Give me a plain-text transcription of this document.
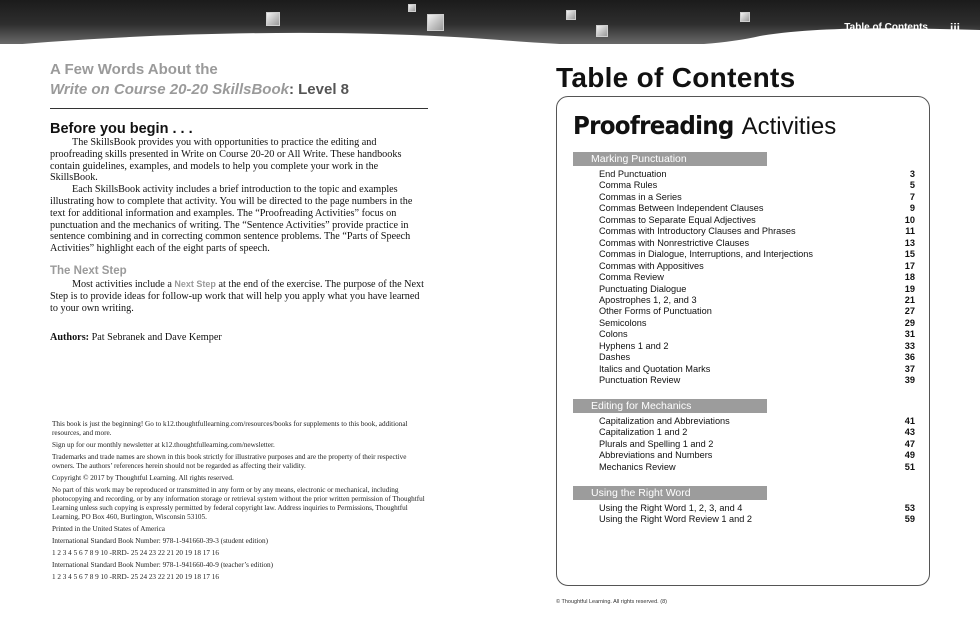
Table of Contents iii
A Few Words About the
Write on Course 20-20 SkillsBook: Level 8
Before you begin . . .

The SkillsBook provides you with opportunities to practice the editing and proofreading skills presented in Write on Course 20-20 or All Write. These handbooks contain guidelines, examples, and models to help you complete your work in the SkillsBook.

Each SkillsBook activity includes a brief introduction to the topic and examples illustrating how to complete that activity. You will be directed to the page numbers in the text for additional information and examples. The “Proofreading Activities” focus on punctuation and the mechanics of writing. The “Sentence Activities” provide practice in sentence combining and in correcting common sentence problems. The “Parts of Speech Activities” highlight each of the eight parts of speech.

The Next Step

Most activities include a Next Step at the end of the exercise. The purpose of the Next Step is to provide ideas for follow-up work that will help you apply what you have learned to your own writing.

Authors: Pat Sebranek and Dave Kemper

This book is just the beginning! Go to k12.thoughtfullearning.com/resources/books for supplements to this book, additional resources, and more.

Sign up for our monthly newsletter at k12.thoughtfullearning.com/newsletter.

Trademarks and trade names are shown in this book strictly for illustrative purposes and are the property of their respective owners. The authors’ references herein should not be regarded as affecting their validity.

Copyright © 2017 by Thoughtful Learning. All rights reserved.

No part of this work may be reproduced or transmitted in any form or by any means, electronic or mechanical, including photocopying and recording, or by any information storage or retrieval system without the prior written permission of Thoughtful Learning unless such copying is expressly permitted by federal copyright law. Address inquiries to Permissions, Thoughtful Learning, PO Box 460, Burlington, Wisconsin 53105.

Printed in the United States of America

International Standard Book Number: 978-1-941660-39-3 (student edition)

1 2 3 4 5 6 7 8 9 10 -RRD- 25 24 23 22 21 20 19 18 17 16

International Standard Book Number: 978-1-941660-40-9 (teacher’s edition)

1 2 3 4 5 6 7 8 9 10 -RRD- 25 24 23 22 21 20 19 18 17 16

Table of Contents
Proofreading Activities
Marking Punctuation
End Punctuation	3
Comma Rules	5
Commas in a Series	7
Commas Between Independent Clauses	9
Commas to Separate Equal Adjectives	10
Commas with Introductory Clauses and Phrases	11
Commas with Nonrestrictive Clauses	13
Commas in Dialogue, Interruptions, and Interjections	15
Commas with Appositives	17
Comma Review	18
Punctuating Dialogue	19
Apostrophes 1, 2, and 3	21
Other Forms of Punctuation	27
Semicolons	29
Colons	31
Hyphens 1 and 2	33
Dashes	36
Italics and Quotation Marks	37
Punctuation Review	39
Editing for Mechanics
Capitalization and Abbreviations	41
Capitalization 1 and 2	43
Plurals and Spelling 1 and 2	47
Abbreviations and Numbers	49
Mechanics Review	51
Using the Right Word
Using the Right Word 1, 2, 3, and 4	53
Using the Right Word Review 1 and 2	59
© Thoughtful Learning. All rights reserved. (8)
